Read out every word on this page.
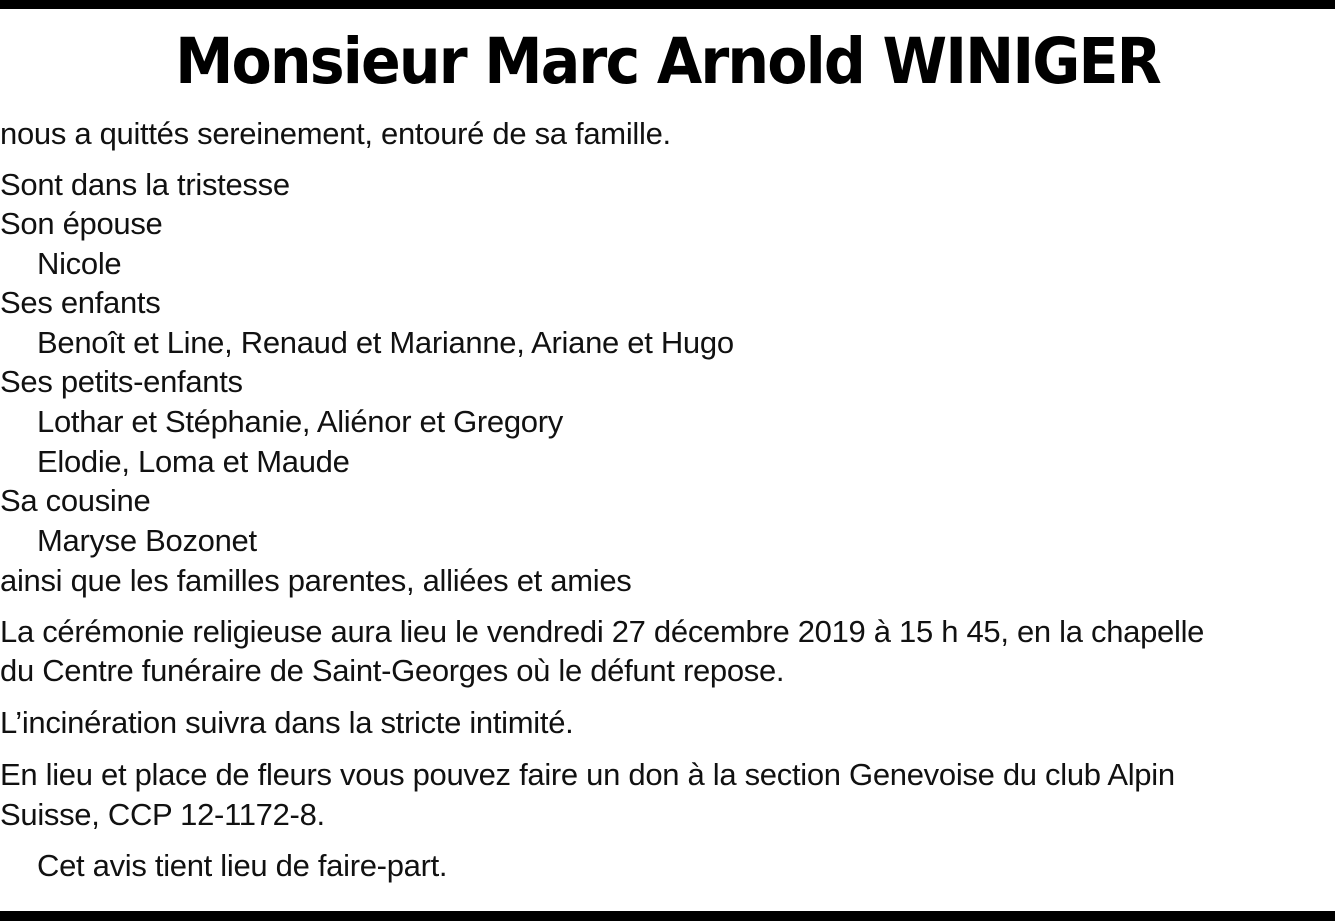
Monsieur Marc Arnold WINIGER

nous a quittés sereinement, entouré de sa famille.

Sont dans la tristesse

Son épouse

Nicole

Ses enfants

Benoît et Line, Renaud et Marianne, Ariane et Hugo

Ses petits-enfants

Lothar et Stéphanie, Aliénor et Gregory

Elodie, Loma et Maude

Sa cousine

Maryse Bozonet

ainsi que les familles parentes, alliées et amies

La cérémonie religieuse aura lieu le vendredi 27 décembre 2019 à 15 h 45, en la chapelle

du Centre funéraire de Saint-Georges où le défunt repose.

L’incinération suivra dans la stricte intimité.

En lieu et place de fleurs vous pouvez faire un don à la section Genevoise du club Alpin

Suisse, CCP 12-1172-8.

Cet avis tient lieu de faire-part.
